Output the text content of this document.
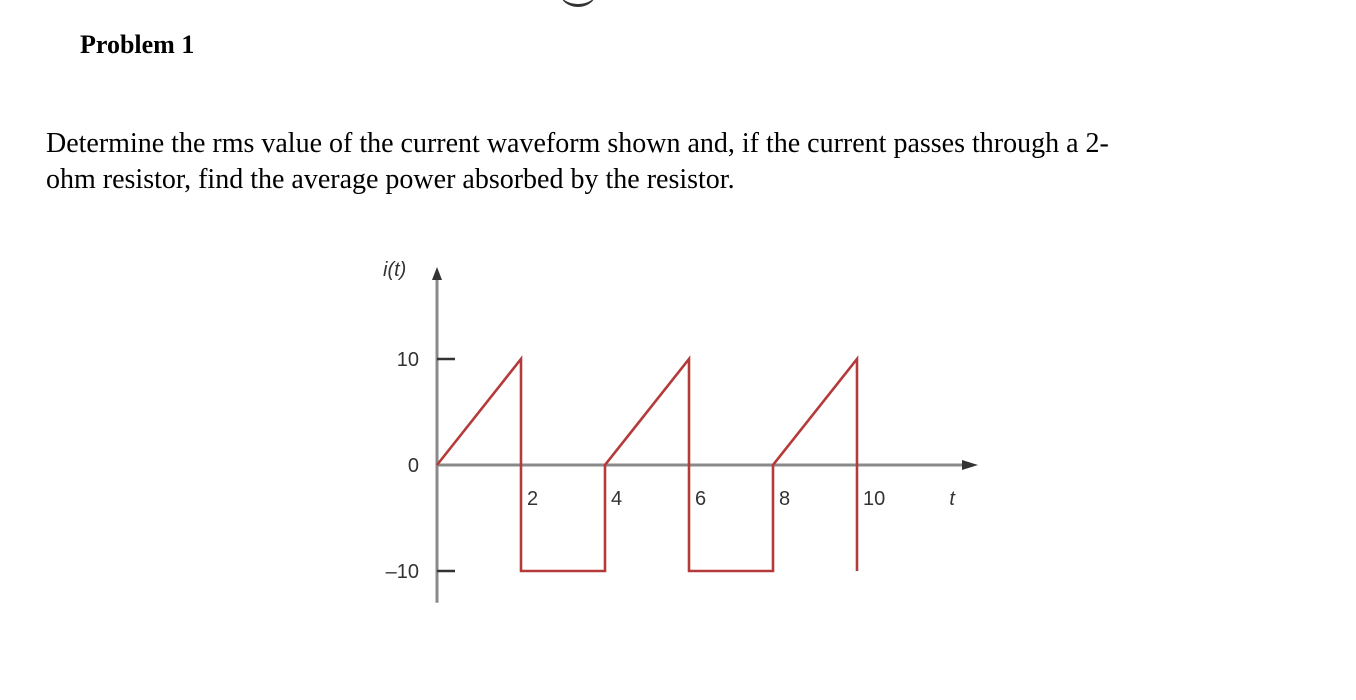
Problem 1
Determine the rms value of the current waveform shown and, if the current passes through a 2-
ohm resistor, find the average power absorbed by the resistor.
10
0
–10
2	4	6	8	10
i(t)
t
